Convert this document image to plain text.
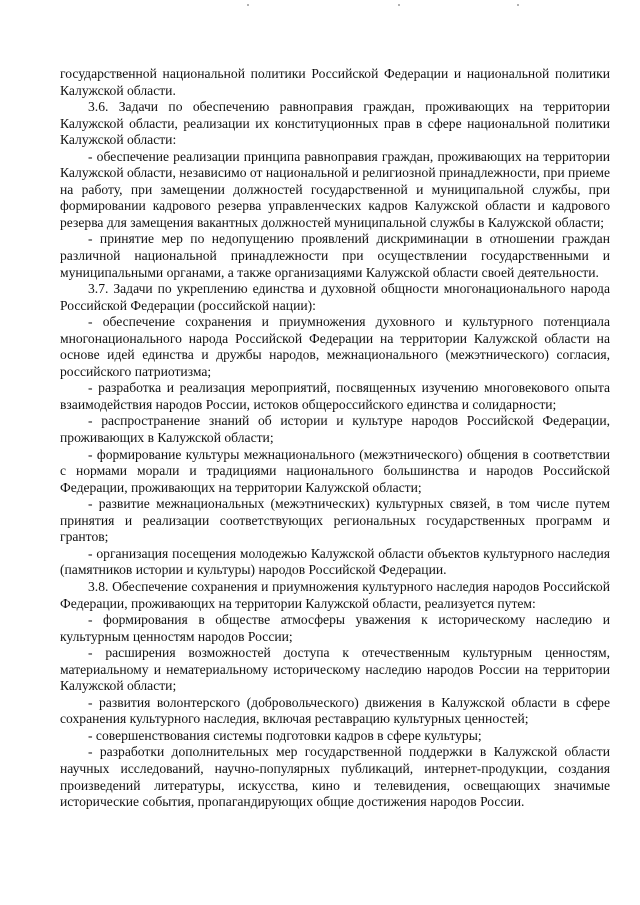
государственной национальной политики Российской Федерации и национальной политики Калужской области.

3.6. Задачи по обеспечению равноправия граждан, проживающих на территории Калужской области, реализации их конституционных прав в сфере национальной политики Калужской области:

- обеспечение реализации принципа равноправия граждан, проживающих на территории Калужской области, независимо от национальной и религиозной принадлежности, при приеме на работу, при замещении должностей государственной и муниципальной службы, при формировании кадрового резерва управленческих кадров Калужской области и кадрового резерва для замещения вакантных должностей муниципальной службы в Калужской области;

- принятие мер по недопущению проявлений дискриминации в отношении граждан различной национальной принадлежности при осуществлении государственными и муниципальными органами, а также организациями Калужской области своей деятельности.

3.7. Задачи по укреплению единства и духовной общности многонационального народа Российской Федерации (российской нации):

- обеспечение сохранения и приумножения духовного и культурного потенциала многонационального народа Российской Федерации на территории Калужской области на основе идей единства и дружбы народов, межнационального (межэтнического) согласия, российского патриотизма;

- разработка и реализация мероприятий, посвященных изучению многовекового опыта взаимодействия народов России, истоков общероссийского единства и солидарности;

- распространение знаний об истории и культуре народов Российской Федерации, проживающих в Калужской области;

- формирование культуры межнационального (межэтнического) общения в соответствии с нормами морали и традициями национального большинства и народов Российской Федерации, проживающих на территории Калужской области;

- развитие межнациональных (межэтнических) культурных связей, в том числе путем принятия и реализации соответствующих региональных государственных программ и грантов;

- организация посещения молодежью Калужской области объектов культурного наследия (памятников истории и культуры) народов Российской Федерации.

3.8. Обеспечение сохранения и приумножения культурного наследия народов Российской Федерации, проживающих на территории Калужской области, реализуется путем:

- формирования в обществе атмосферы уважения к историческому наследию и культурным ценностям народов России;

- расширения возможностей доступа к отечественным культурным ценностям, материальному и нематериальному историческому наследию народов России на территории Калужской области;

- развития волонтерского (добровольческого) движения в Калужской области в сфере сохранения культурного наследия, включая реставрацию культурных ценностей;

- совершенствования системы подготовки кадров в сфере культуры;

- разработки дополнительных мер государственной поддержки в Калужской области научных исследований, научно-популярных публикаций, интернет-продукции, создания произведений литературы, искусства, кино и телевидения, освещающих значимые исторические события, пропагандирующих общие достижения народов России.
